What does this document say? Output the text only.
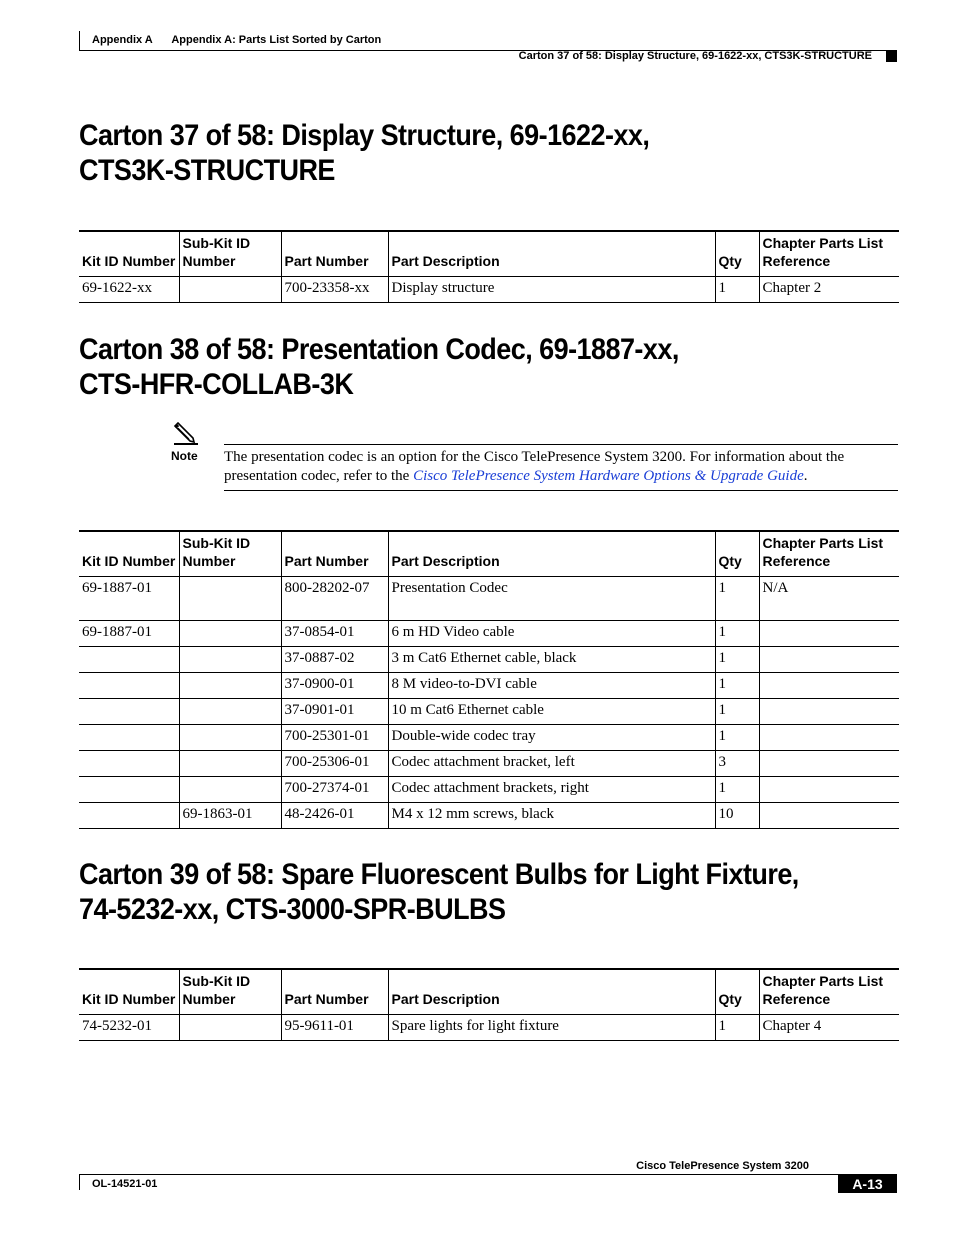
Appendix A Appendix A: Parts List Sorted by Carton
Carton 37 of 58: Display Structure, 69-1622-xx, CTS3K-STRUCTURE
Carton 37 of 58: Display Structure, 69-1622-xx,
CTS3K-STRUCTURE
Kit ID Number	Sub-Kit ID Number	Part Number	Part Description	Qty	Chapter Parts List Reference
69-1622-xx		700-23358-xx	Display structure	1	Chapter 2
Carton 38 of 58: Presentation Codec, 69-1887-xx,
CTS-HFR-COLLAB-3K
Note The presentation codec is an option for the Cisco TelePresence System 3200. For information about the presentation codec, refer to the Cisco TelePresence System Hardware Options & Upgrade Guide.
Kit ID Number	Sub-Kit ID Number	Part Number	Part Description	Qty	Chapter Parts List Reference
69-1887-01		800-28202-07	Presentation Codec	1	N/A
69-1887-01		37-0854-01	6 m HD Video cable	1	
		37-0887-02	3 m Cat6 Ethernet cable, black	1	
		37-0900-01	8 M video-to-DVI cable	1	
		37-0901-01	10 m Cat6 Ethernet cable	1	
		700-25301-01	Double-wide codec tray	1	
		700-25306-01	Codec attachment bracket, left	3	
		700-27374-01	Codec attachment brackets, right	1	
	69-1863-01	48-2426-01	M4 x 12 mm screws, black	10	
Carton 39 of 58: Spare Fluorescent Bulbs for Light Fixture,
74-5232-xx, CTS-3000-SPR-BULBS
Kit ID Number	Sub-Kit ID Number	Part Number	Part Description	Qty	Chapter Parts List Reference
74-5232-01		95-9611-01	Spare lights for light fixture	1	Chapter 4
Cisco TelePresence System 3200
OL-14521-01	A-13
